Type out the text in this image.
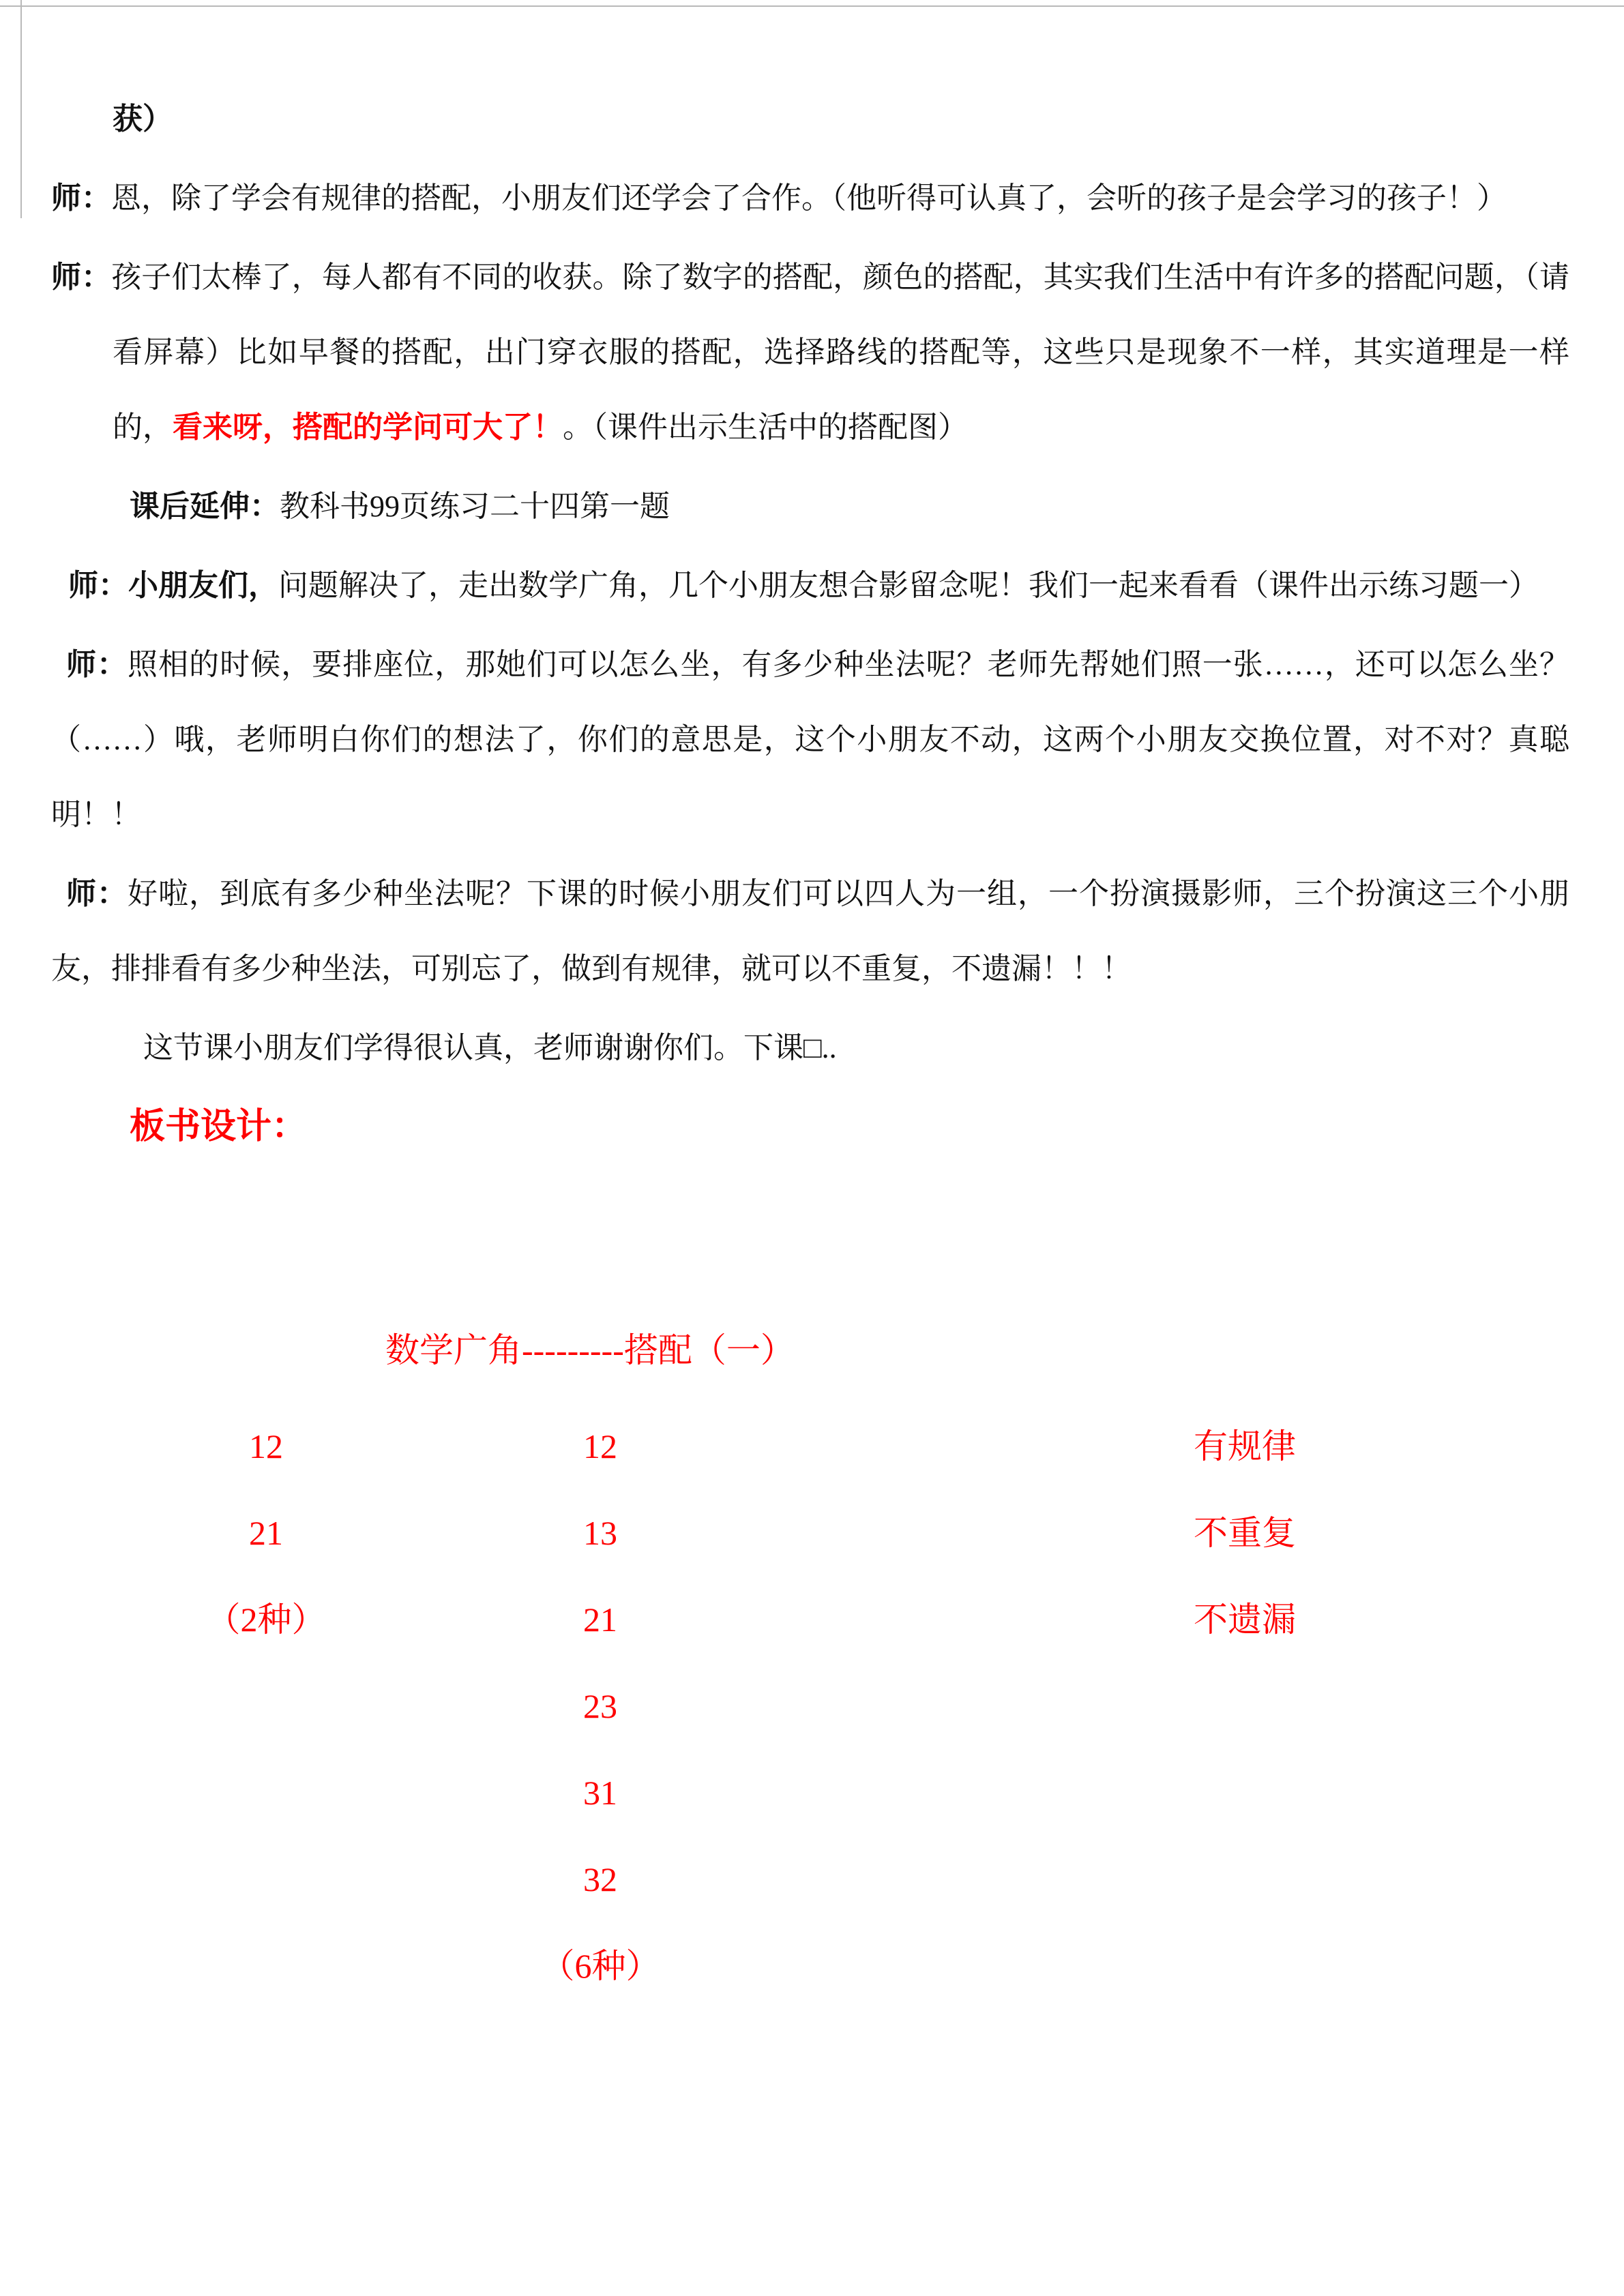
获）

师：恩，除了学会有规律的搭配，小朋友们还学会了合作。（他听得可认真了，会听的孩子是会学习的孩子！）

师：孩子们太棒了，每人都有不同的收获。除了数字的搭配，颜色的搭配，其实我们生活中有许多的搭配问题，（请看屏幕）比如早餐的搭配，出门穿衣服的搭配，选择路线的搭配等，这些只是现象不一样，其实道理是一样的，看来呀，搭配的学问可大了！。（课件出示生活中的搭配图）

课后延伸：教科书99页练习二十四第一题

师：小朋友们，问题解决了，走出数学广角，几个小朋友想合影留念呢！我们一起来看看（课件出示练习题一）

师：照相的时候，要排座位，那她们可以怎么坐，有多少种坐法呢？老师先帮她们照一张……，还可以怎么坐？（……）哦，老师明白你们的想法了，你们的意思是，这个小朋友不动，这两个小朋友交换位置，对不对？真聪明！！

师：好啦，到底有多少种坐法呢？下课的时候小朋友们可以四人为一组，一个扮演摄影师，三个扮演这三个小朋友，排排看有多少种坐法，可别忘了，做到有规律，就可以不重复，不遗漏！！！

这节课小朋友们学得很认真，老师谢谢你们。下课□..

板书设计：

数学广角---------搭配（一）
12
21
（2种）
12
13
21
23
31
32
（6种）
有规律
不重复
不遗漏
